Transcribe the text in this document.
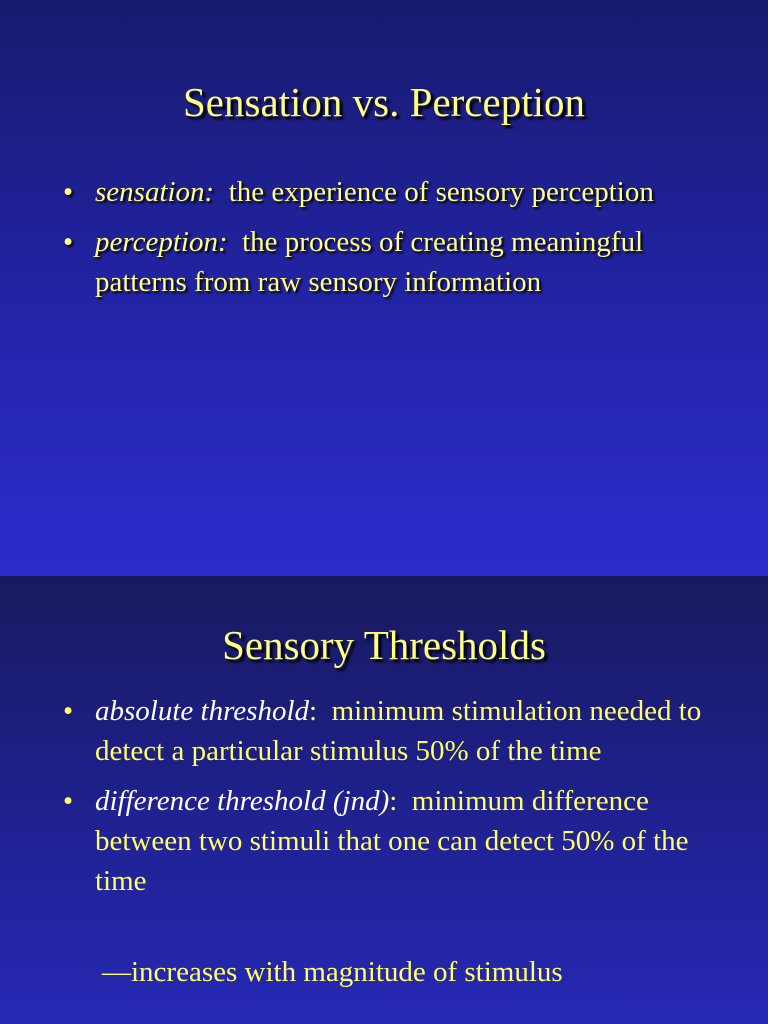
Sensation vs. Perception
• sensation: the experience of sensory perception
• perception: the process of creating meaningful patterns from raw sensory information
Sensory Thresholds
• absolute threshold: minimum stimulation needed to detect a particular stimulus 50% of the time
• difference threshold (jnd): minimum difference between two stimuli that one can detect 50% of the time

—increases with magnitude of stimulus
